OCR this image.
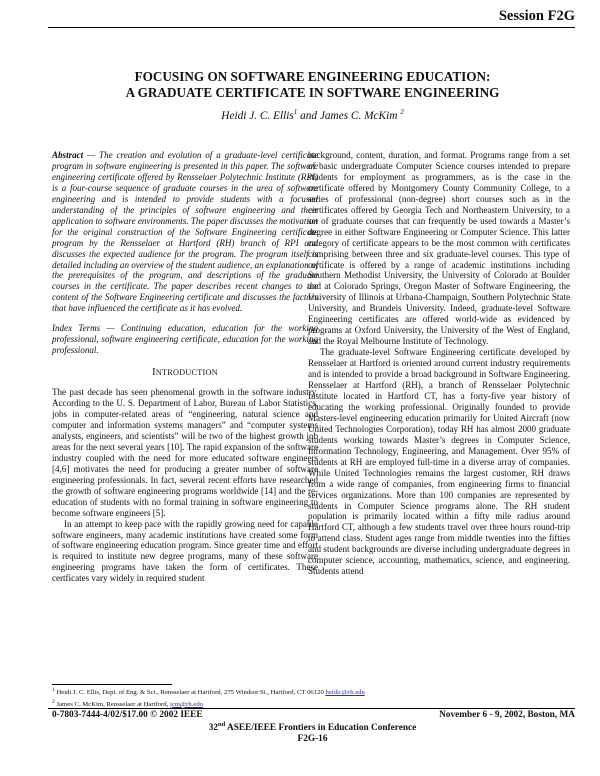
Session F2G
FOCUSING ON SOFTWARE ENGINEERING EDUCATION:
A GRADUATE CERTIFICATE IN SOFTWARE ENGINEERING
Heidi J. C. Ellis$^1$ and James C. McKim $^2$

Abstract — The creation and evolution of a graduate-level certificate program in software engineering is presented in this paper. The software engineering certificate offered by Rensselaer Polytechnic Institute (RPI) is a four-course sequence of graduate courses in the area of software engineering and is intended to provide students with a focused understanding of the principles of software engineering and their application to software environments. The paper discusses the motivation for the original construction of the Software Engineering certificate program by the Rensselaer at Hartford (RH) branch of RPI and discusses the expected audience for the program. The program itself is detailed including an overview of the student audience, an explanation of the prerequisites of the program, and descriptions of the graduate courses in the certificate. The paper describes recent changes to the content of the Software Engineering certificate and discusses the factors that have influenced the certificate as it has evolved.

Index Terms — Continuing education, education for the working professional, software engineering certificate, education for the working professional.

INTRODUCTION

The past decade has seen phenomenal growth in the software industry. According to the U. S. Department of Labor, Bureau of Labor Statistics, jobs in computer-related areas of “engineering, natural science and computer and information systems managers” and “computer systems analysts, engineers, and scientists” will be two of the highest growth job areas for the next several years [10]. The rapid expansion of the software industry coupled with the need for more educated software engineers [4,6] motivates the need for producing a greater number of software engineering professionals. In fact, several recent efforts have researched the growth of software engineering programs worldwide [14] and the re-education of students with no formal training in software engineering to become software engineers [5].

In an attempt to keep pace with the rapidly growing need for capable software engineers, many academic institutions have created some form of software engineering education program. Since greater time and effort is required to institute new degree programs, many of these software engineering programs have taken the form of certificates. These certficates vary widely in required student

background, content, duration, and format. Programs range from a set of basic undergraduate Computer Science courses intended to prepare students for employment as programmers, as is the case in the certificate offered by Montgomery County Community College, to a series of professional (non-degree) short courses such as in the certificates offered by Georgia Tech and Northeastern University, to a set of graduate courses that can frequently be used towards a Master’s degree in either Software Engineering or Computer Science. This latter category of certificate appears to be the most common with certificates comprising between three and six graduate-level courses. This type of certificate is offered by a range of academic institutions including Southern Methodist University, the University of Colorado at Boulder and at Colorado Springs, Oregon Master of Software Engineering, the University of Illinois at Urbana-Champaign, Southern Polytechnic State University, and Brandeis University. Indeed, graduate-level Software Engineering certificates are offered world-wide as evidenced by programs at Oxford University, the University of the West of England, and the Royal Melbourne Institute of Technology.

The graduate-level Software Engineering certificate developed by Rensselaer at Hartford is oriented around current industry requirements and is intended to provide a broad background in Software Engineering. Rensselaer at Hartford (RH), a branch of Rensselaer Polytechnic Institute located in Hartford CT, has a forty-five year history of educating the working professional. Originally founded to provide Masters-level engineering education primarily for United Aircraft (now United Technologies Corporation), today RH has almost 2000 graduate students working towards Master’s degrees in Computer Science, Information Technology, Engineering, and Management. Over 95% of students at RH are employed full-time in a diverse array of companies. While United Technologies remains the largest customer, RH draws from a wide range of companies, from engineering firms to financial services organizations. More than 100 companies are represented by students in Computer Science programs alone. The RH student population is primarily located within a fifty mile radius around Hartford CT, although a few students travel over three hours round-trip to attend class. Student ages range from middle twenties into the fifties and student backgrounds are diverse including undergraduate degrees in computer science, accounting, mathematics, science, and engineering. Students attend

$^1$ Heidi J. C. Ellis, Dept. of Eng. & Sci., Rensselaer at Hartford, 275 Windsor St., Hartford, CT 06120 heidic@rh.edu
$^2$ James C. McKim, Rensselaer at Hartford, jcm@rh.edu
0-7803-7444-4/02/$17.00 © 2002 IEEE	November 6 - 9, 2002, Boston, MA
32nd ASEE/IEEE Frontiers in Education Conference
F2G-16
